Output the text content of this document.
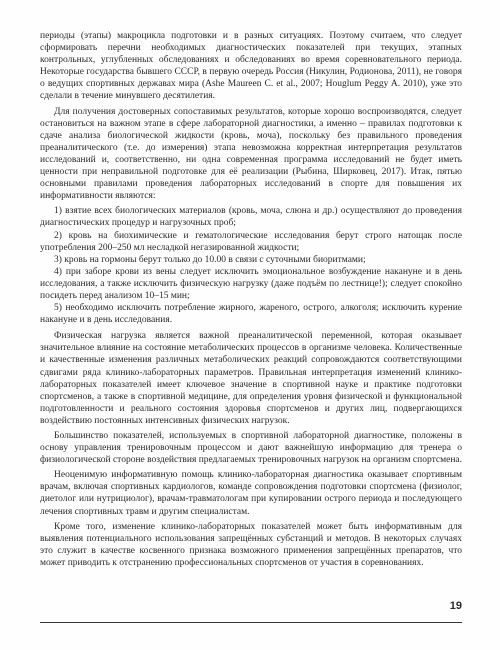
периоды (этапы) макроцикла подготовки и в разных ситуациях. Поэтому считаем, что следует сформировать перечни необходимых диагностических показателей при текущих, этапных контрольных, углубленных обследованиях и обследованиях во время соревновательного периода. Некоторые государства бывшего СССР, в первую очередь Россия (Никулин, Родионова, 2011), не говоря о ведущих спортивных державах мира (Ashe Maureen C. et al., 2007; Houglum Peggy A. 2010), уже это сделали в течение минувшего десятилетия.

Для получения достоверных сопоставимых результатов, которые хорошо воспроизводятся, следует остановиться на важном этапе в сфере лабораторной диагностики, а именно – правилах подготовки к сдаче анализа биологической жидкости (кровь, моча), поскольку без правильного проведения преаналитического (т.е. до измерения) этапа невозможна корректная интерпретация результатов исследований и, соответственно, ни одна современная программа исследований не будет иметь ценности при неправильной подготовке для её реализации (Рыбина, Ширковец, 2017). Итак, пятью основными правилами проведения лабораторных исследований в спорте для повышения их информативности являются:

1) взятие всех биологических материалов (кровь, моча, слюна и др.) осуществляют до проведения диагностических процедур и нагрузочных проб;

2) кровь на биохимические и гематологические исследования берут строго натощак после употребления 200–250 мл несладкой негазированной жидкости;

3) кровь на гормоны берут только до 10.00 в связи с суточными биоритмами;

4) при заборе крови из вены следует исключить эмоциональное возбуждение накануне и в день исследования, а также исключить физическую нагрузку (даже подъём по лестнице!); следует спокойно посидеть перед анализом 10–15 мин;

5) необходимо исключить потребление жирного, жареного, острого, алкоголя; исключить курение накануне и в день исследования.

Физическая нагрузка является важной преаналитической переменной, которая оказывает значительное влияние на состояние метаболических процессов в организме человека. Количественные и качественные изменения различных метаболических реакций сопровождаются соответствующими сдвигами ряда клинико-лабораторных параметров. Правильная интерпретация изменений клинико-лабораторных показателей имеет ключевое значение в спортивной науке и практике подготовки спортсменов, а также в спортивной медицине, для определения уровня физической и функциональной подготовленности и реального состояния здоровья спортсменов и других лиц, подвергающихся воздействию постоянных интенсивных физических нагрузок.

Большинство показателей, используемых в спортивной лабораторной диагностике, положены в основу управления тренировочным процессом и дают важнейшую информацию для тренера о физиологической стороне воздействия предлагаемых тренировочных нагрузок на организм спортсмена.

Неоценимую информативную помощь клинико-лабораторная диагностика оказывает спортивным врачам, включая спортивных кардиологов, команде сопровождения подготовки спортсмена (физиолог, диетолог или нутрициолог), врачам-травматологам при купировании острого периода и последующего лечения спортивных травм и другим специалистам.

Кроме того, изменение клинико-лабораторных показателей может быть информативным для выявления потенциального использования запрещённых субстанций и методов. В некоторых случаях это служит в качестве косвенного признака возможного применения запрещённых препаратов, что может приводить к отстранению профессиональных спортсменов от участия в соревнованиях.

19
